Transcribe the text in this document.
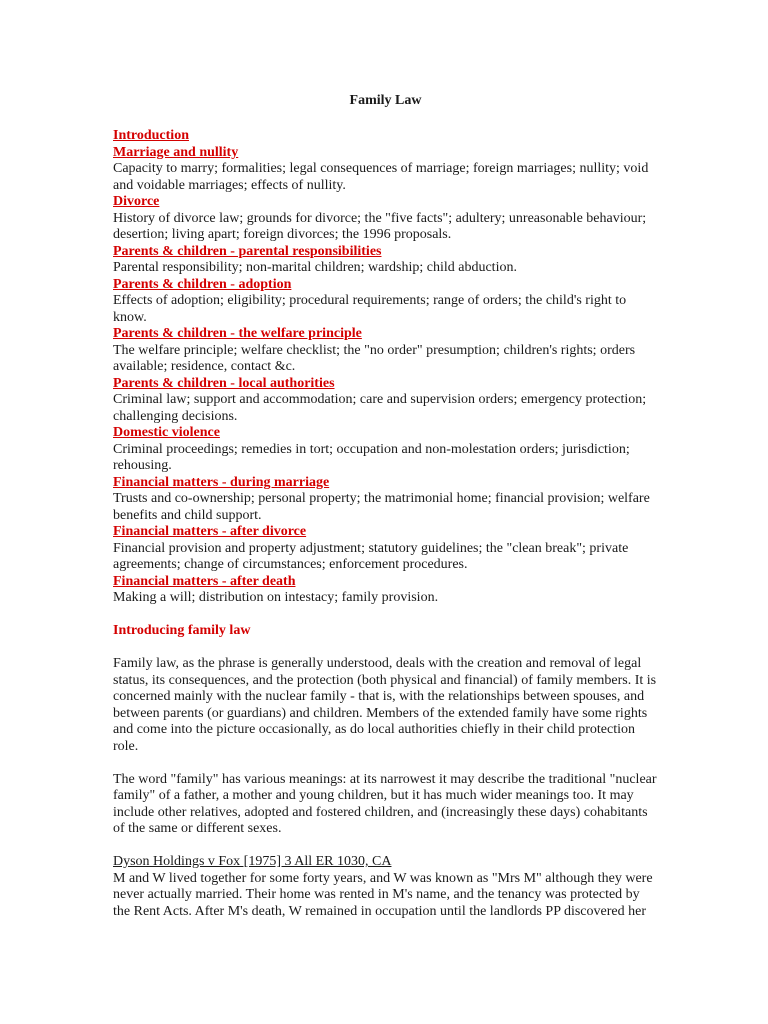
Family Law
Introduction
Marriage and nullity

Capacity to marry; formalities; legal consequences of marriage; foreign marriages; nullity; void and voidable marriages; effects of nullity.

Divorce

History of divorce law; grounds for divorce; the "five facts"; adultery; unreasonable behaviour; desertion; living apart; foreign divorces; the 1996 proposals.

Parents & children - parental responsibilities

Parental responsibility; non-marital children; wardship; child abduction.

Parents & children - adoption

Effects of adoption; eligibility; procedural requirements; range of orders; the child's right to know.

Parents & children - the welfare principle

The welfare principle; welfare checklist; the "no order" presumption; children's rights; orders available; residence, contact &c.

Parents & children - local authorities

Criminal law; support and accommodation; care and supervision orders; emergency protection; challenging decisions.

Domestic violence

Criminal proceedings; remedies in tort; occupation and non-molestation orders; jurisdiction; rehousing.

Financial matters - during marriage

Trusts and co-ownership; personal property; the matrimonial home; financial provision; welfare benefits and child support.

Financial matters - after divorce

Financial provision and property adjustment; statutory guidelines; the "clean break"; private agreements; change of circumstances; enforcement procedures.

Financial matters - after death

Making a will; distribution on intestacy; family provision.

Introducing family law

Family law, as the phrase is generally understood, deals with the creation and removal of legal status, its consequences, and the protection (both physical and financial) of family members. It is concerned mainly with the nuclear family - that is, with the relationships between spouses, and between parents (or guardians) and children. Members of the extended family have some rights and come into the picture occasionally, as do local authorities chiefly in their child protection role.

The word "family" has various meanings: at its narrowest it may describe the traditional "nuclear family" of a father, a mother and young children, but it has much wider meanings too. It may include other relatives, adopted and fostered children, and (increasingly these days) cohabitants of the same or different sexes.

Dyson Holdings v Fox [1975] 3 All ER 1030, CA

M and W lived together for some forty years, and W was known as "Mrs M" although they were never actually married. Their home was rented in M's name, and the tenancy was protected by the Rent Acts. After M's death, W remained in occupation until the landlords PP discovered her
